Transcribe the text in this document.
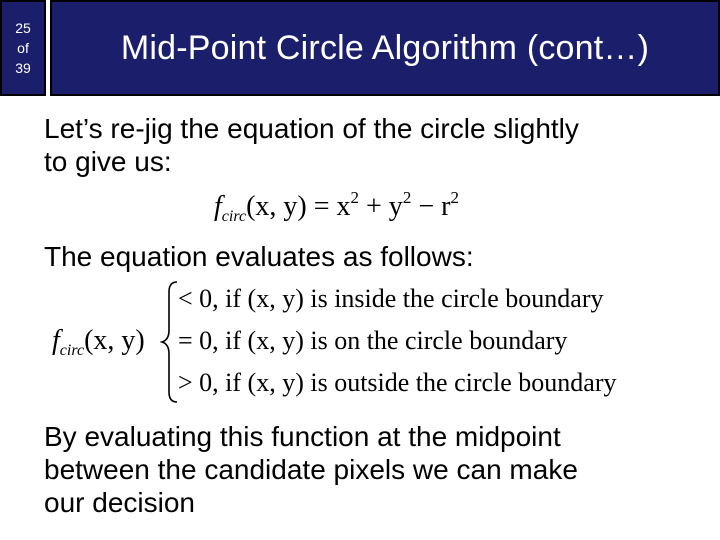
25
of
39
Mid-Point Circle Algorithm (cont…)

Let’s re-jig the equation of the circle slightly
to give us:

$f_{circ}(x$, $y) = x^2 + y^2 - r^2$

The equation evaluates as follows:

$f_{circ}(x$, y)
< 0, if (x, y) is inside the circle boundary
= 0, if (x, y) is on the circle boundary
> 0, if (x, y) is outside the circle boundary

By evaluating this function at the midpoint
between the candidate pixels we can make
our decision
